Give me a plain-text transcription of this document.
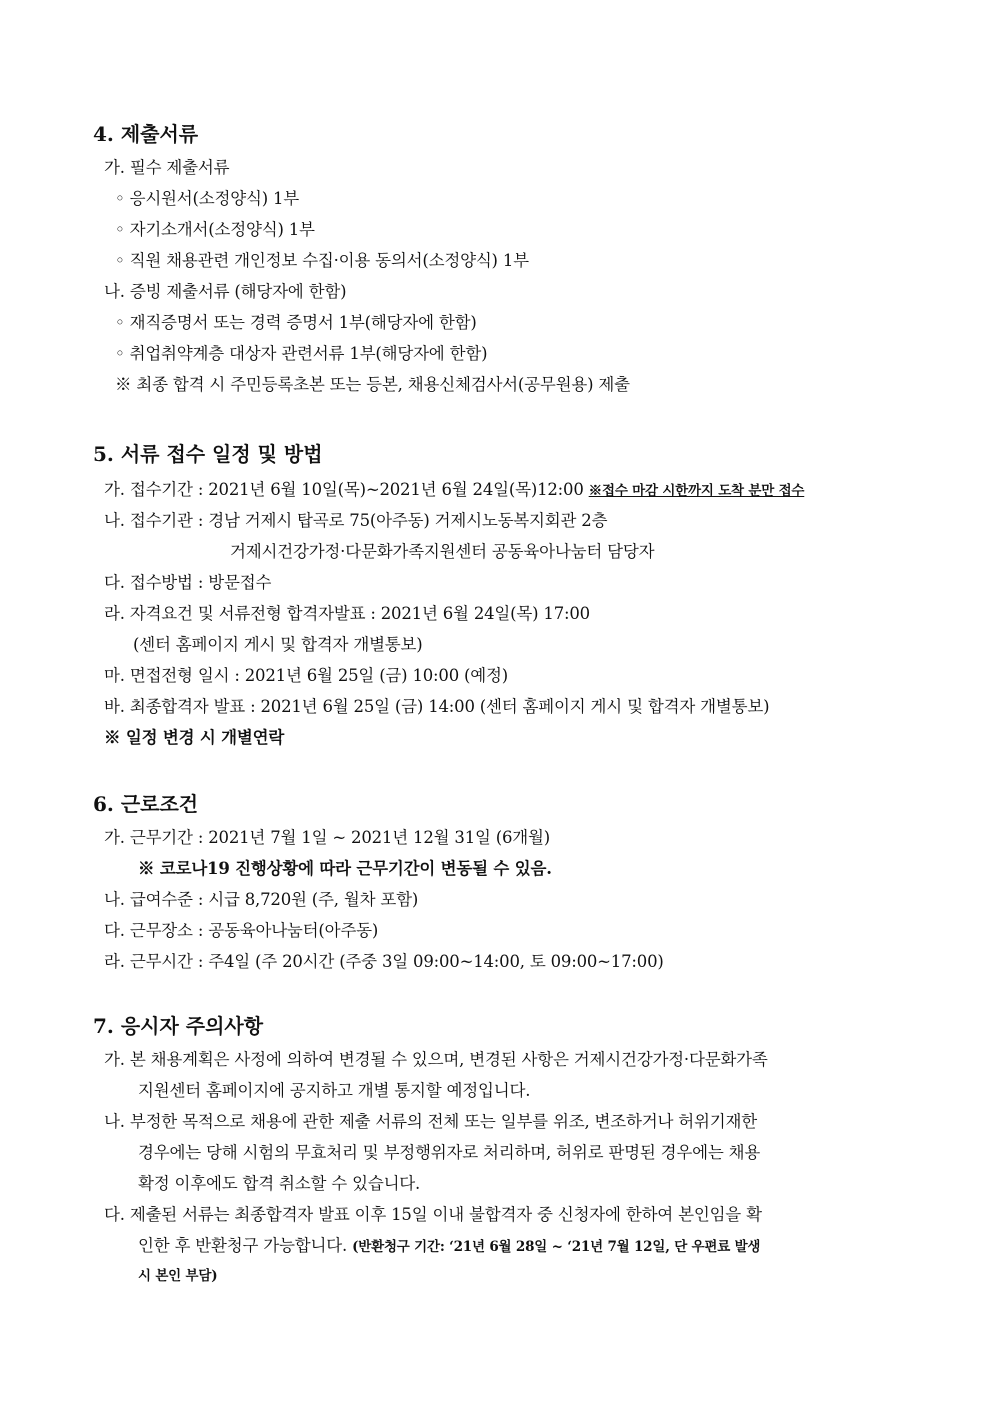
4. 제출서류
가. 필수 제출서류
◦ 응시원서(소정양식) 1부
◦ 자기소개서(소정양식) 1부
◦ 직원 채용관련 개인정보 수집·이용 동의서(소정양식) 1부
나. 증빙 제출서류 (해당자에 한함)
◦ 재직증명서 또는 경력 증명서 1부(해당자에 한함)
◦ 취업취약계층 대상자 관련서류 1부(해당자에 한함)
※ 최종 합격 시 주민등록초본 또는 등본, 채용신체검사서(공무원용) 제출
5. 서류 접수 일정 및 방법
가. 접수기간 : 2021년 6월 10일(목)~2021년 6월 24일(목)12:00 ※접수 마감 시한까지 도착 분만 접수
나. 접수기관 : 경남 거제시 탑곡로 75(아주동) 거제시노동복지회관 2층
거제시건강가정·다문화가족지원센터 공동육아나눔터 담당자
다. 접수방법 : 방문접수
라. 자격요건 및 서류전형 합격자발표 : 2021년 6월 24일(목) 17:00
(센터 홈페이지 게시 및 합격자 개별통보)
마. 면접전형 일시 : 2021년 6월 25일 (금) 10:00 (예정)
바. 최종합격자 발표 : 2021년 6월 25일 (금) 14:00 (센터 홈페이지 게시 및 합격자 개별통보)
※ 일정 변경 시 개별연락
6. 근로조건
가. 근무기간 : 2021년 7월 1일 ~ 2021년 12월 31일 (6개월)
※ 코로나19 진행상황에 따라 근무기간이 변동될 수 있음.
나. 급여수준 : 시급 8,720원 (주, 월차 포함)
다. 근무장소 : 공동육아나눔터(아주동)
라. 근무시간 : 주4일 (주 20시간 (주중 3일 09:00~14:00, 토 09:00~17:00)
7. 응시자 주의사항
가. 본 채용계획은 사정에 의하여 변경될 수 있으며, 변경된 사항은 거제시건강가정·다문화가족
지원센터 홈페이지에 공지하고 개별 통지할 예정입니다.
나. 부정한 목적으로 채용에 관한 제출 서류의 전체 또는 일부를 위조, 변조하거나 허위기재한
경우에는 당해 시험의 무효처리 및 부정행위자로 처리하며, 허위로 판명된 경우에는 채용
확정 이후에도 합격 취소할 수 있습니다.
다. 제출된 서류는 최종합격자 발표 이후 15일 이내 불합격자 중 신청자에 한하여 본인임을 확
인한 후 반환청구 가능합니다. (반환청구 기간: ‘21년 6월 28일 ~ ‘21년 7월 12일, 단 우편료 발생
시 본인 부담)
